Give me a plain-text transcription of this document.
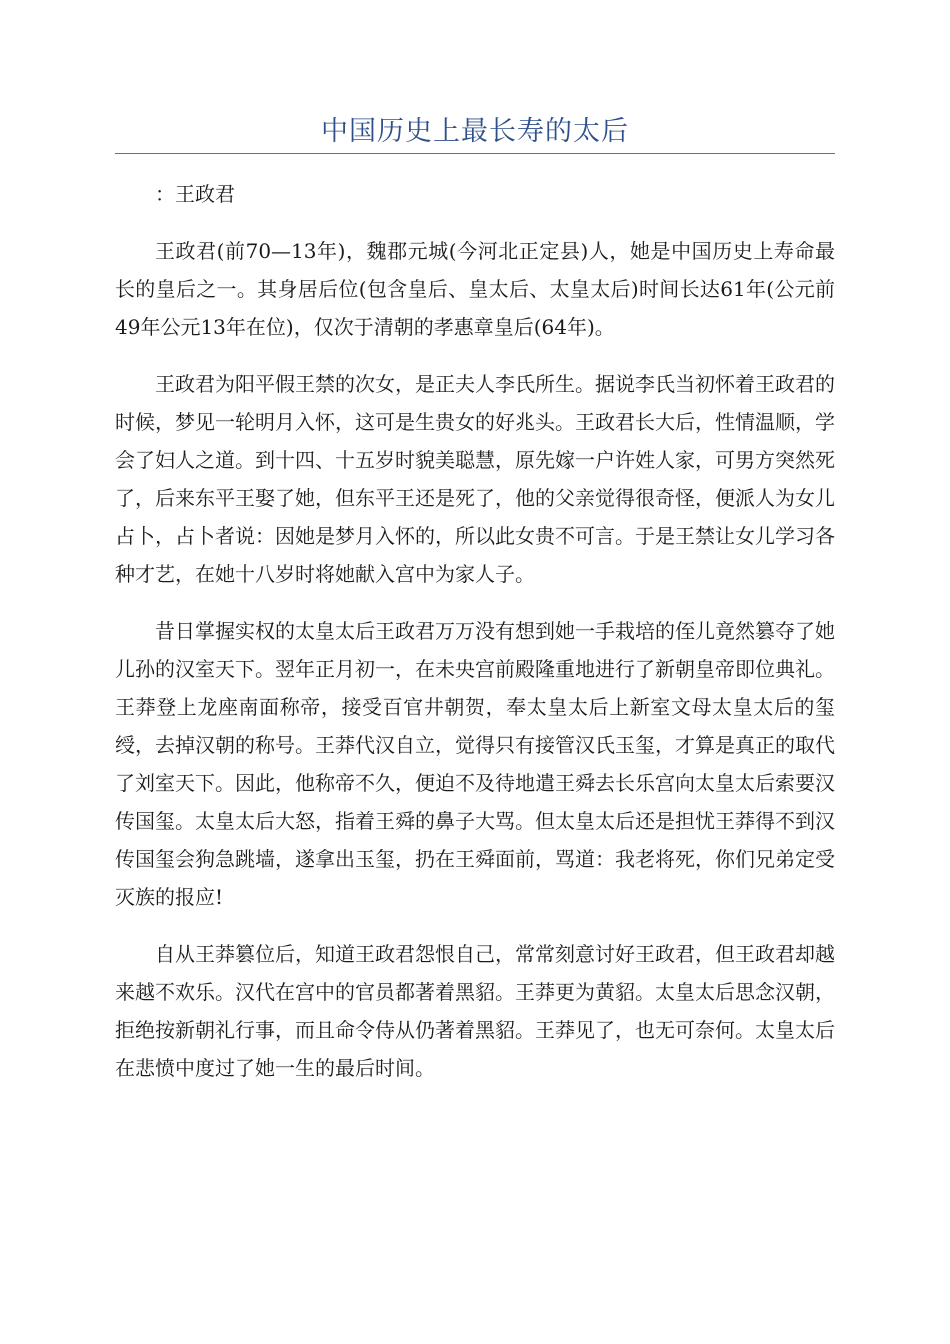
中国历史上最长寿的太后

：王政君

王政君(前70—13年)，魏郡元城(今河北正定县)人，她是中国历史上寿命最长的皇后之一。其身居后位(包含皇后、皇太后、太皇太后)时间长达61年(公元前49年公元13年在位)，仅次于清朝的孝惠章皇后(64年)。

王政君为阳平假王禁的次女，是正夫人李氏所生。据说李氏当初怀着王政君的时候，梦见一轮明月入怀，这可是生贵女的好兆头。王政君长大后，性情温顺，学会了妇人之道。到十四、十五岁时貌美聪慧，原先嫁一户许姓人家，可男方突然死了，后来东平王娶了她，但东平王还是死了，他的父亲觉得很奇怪，便派人为女儿占卜，占卜者说：因她是梦月入怀的，所以此女贵不可言。于是王禁让女儿学习各种才艺，在她十八岁时将她献入宫中为家人子。

昔日掌握实权的太皇太后王政君万万没有想到她一手栽培的侄儿竟然篡夺了她儿孙的汉室天下。翌年正月初一，在未央宫前殿隆重地进行了新朝皇帝即位典礼。王莽登上龙座南面称帝，接受百官井朝贺，奉太皇太后上新室文母太皇太后的玺绶，去掉汉朝的称号。王莽代汉自立，觉得只有接管汉氏玉玺，才算是真正的取代了刘室天下。因此，他称帝不久，便迫不及待地遣王舜去长乐宫向太皇太后索要汉传国玺。太皇太后大怒，指着王舜的鼻子大骂。但太皇太后还是担忧王莽得不到汉传国玺会狗急跳墙，遂拿出玉玺，扔在王舜面前，骂道：我老将死，你们兄弟定受灭族的报应!

自从王莽篡位后，知道王政君怨恨自己，常常刻意讨好王政君，但王政君却越来越不欢乐。汉代在宫中的官员都著着黑貂。王莽更为黄貂。太皇太后思念汉朝，拒绝按新朝礼行事，而且命令侍从仍著着黑貂。王莽见了，也无可奈何。太皇太后在悲愤中度过了她一生的最后时间。
